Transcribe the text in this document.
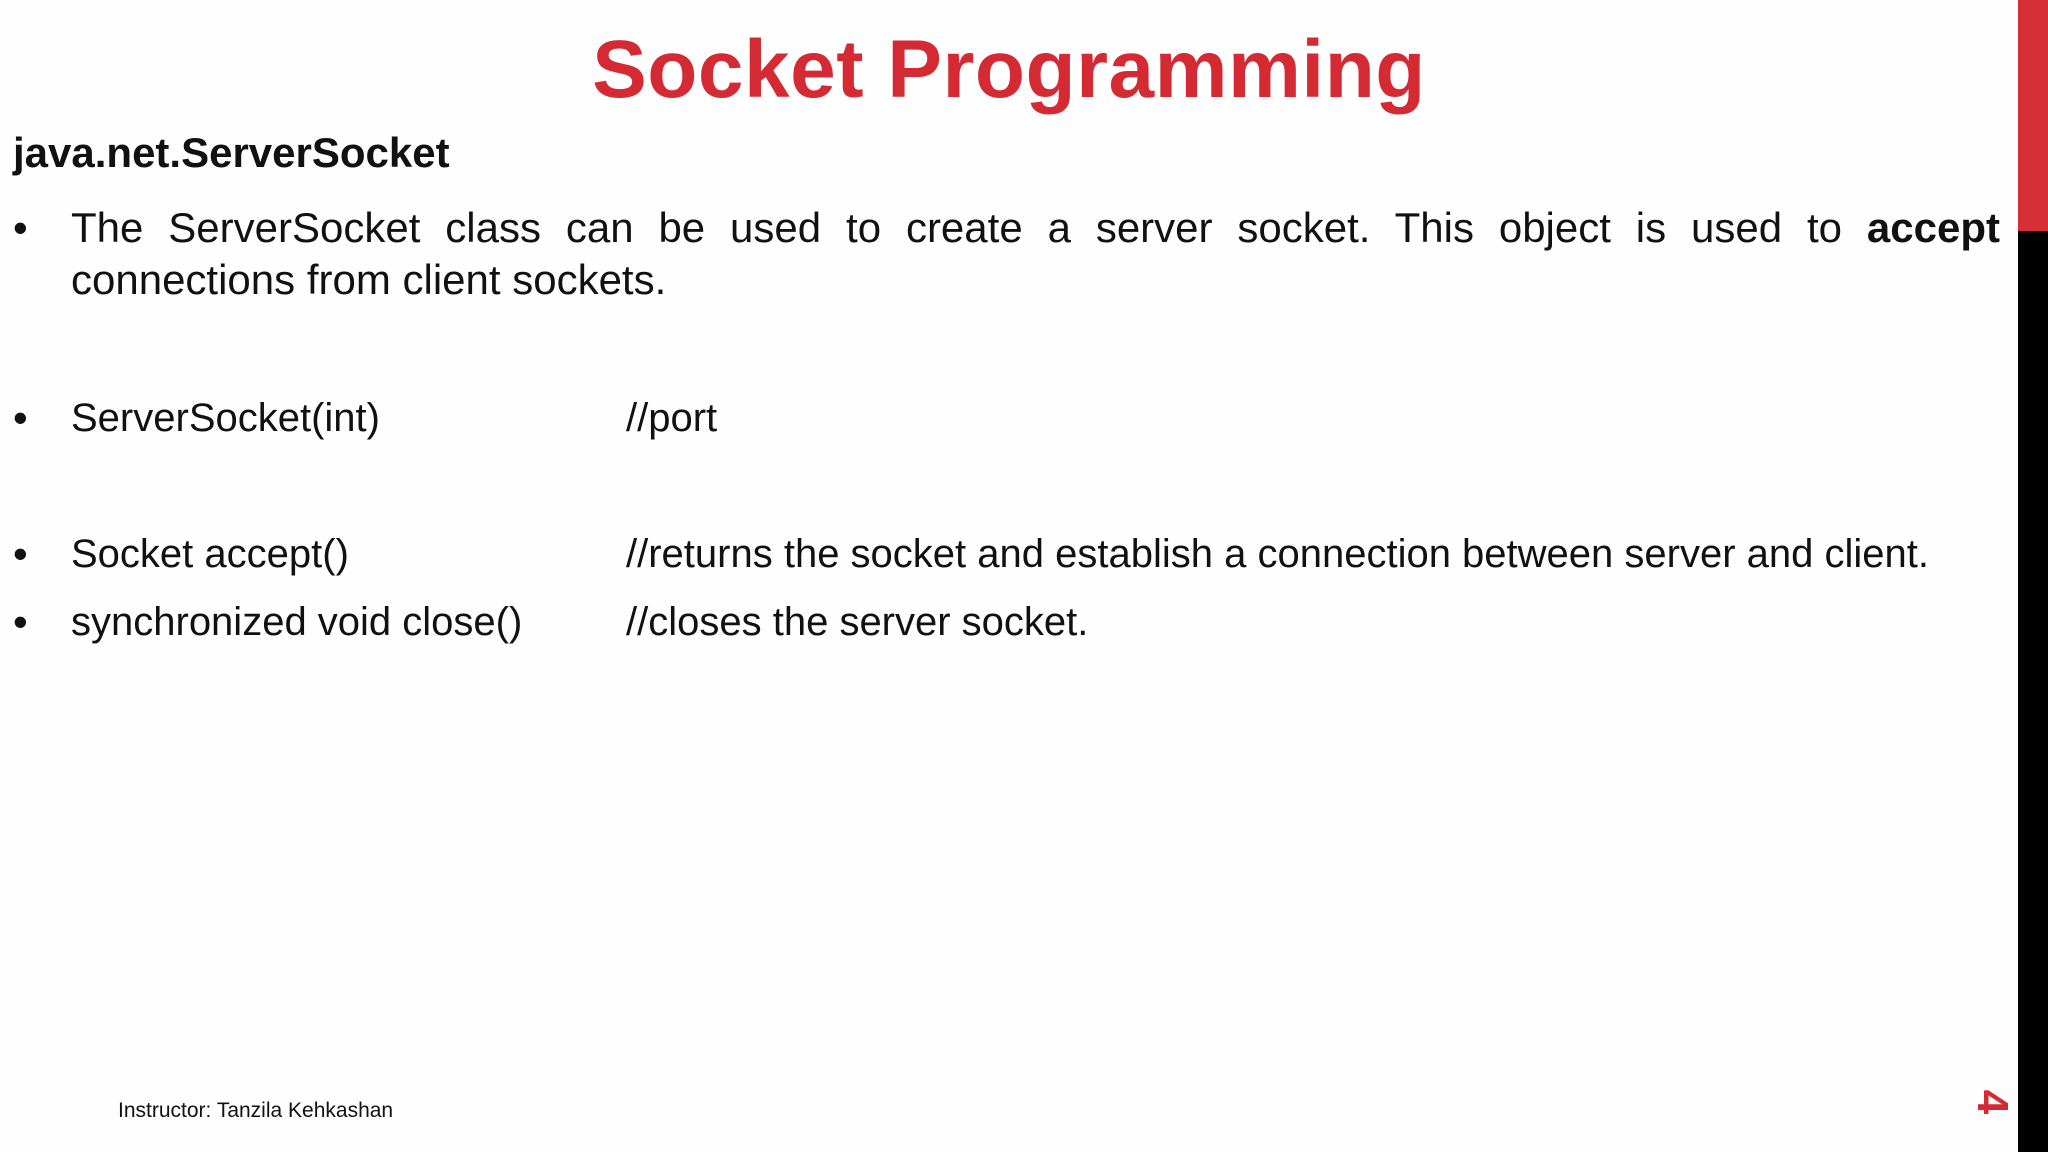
Socket Programming
java.net.ServerSocket
• The ServerSocket class can be used to create a server socket. This object is used to accept
connections from client sockets.
• ServerSocket(int)	//port
• Socket accept()	//returns the socket and establish a connection between server and client.
• synchronized void close()	//closes the server socket.
Instructor: Tanzila Kehkashan	4
